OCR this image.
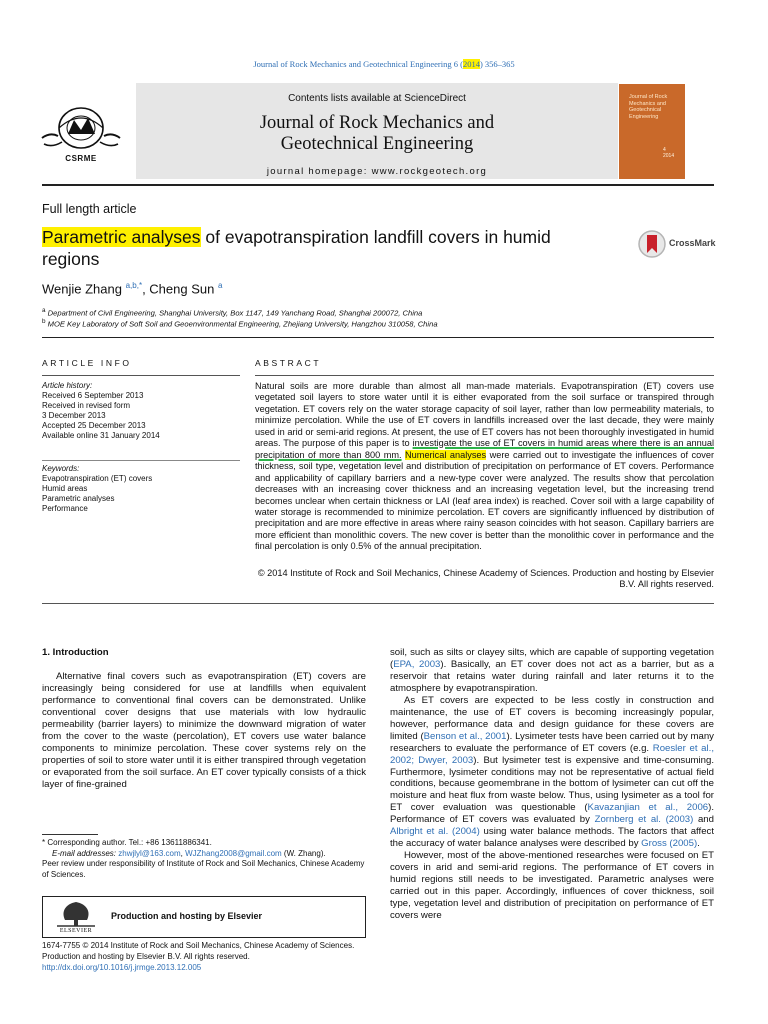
Journal of Rock Mechanics and Geotechnical Engineering 6 (2014) 356–365
CSRME
Contents lists available at ScienceDirect
Journal of Rock Mechanics and
Geotechnical Engineering
journal homepage: www.rockgeotech.org
Journal of Rock Mechanics and Geotechnical Engineering
4
2014
Full length article
Parametric analyses of evapotranspiration landfill covers in humid regions
CrossMark
Wenjie Zhang $^{a,b,*}$, Cheng Sun $^a$
$^a$ Department of Civil Engineering, Shanghai University, Box 1147, 149 Yanchang Road, Shanghai 200072, China
$^b$ MOE Key Laboratory of Soft Soil and Geoenvironmental Engineering, Zhejiang University, Hangzhou 310058, China
ARTICLE INFO
Article history:
Received 6 September 2013
Received in revised form
3 December 2013
Accepted 25 December 2013
Available online 31 January 2014
Keywords:
Evapotranspiration (ET) covers
Humid areas
Parametric analyses
Performance
ABSTRACT
Natural soils are more durable than almost all man-made materials. Evapotranspiration (ET) covers use vegetated soil layers to store water until it is either evaporated from the soil surface or transpired through vegetation. ET covers rely on the water storage capacity of soil layer, rather than low permeability materials, to minimize percolation. While the use of ET covers in landfills increased over the last decade, they were mainly used in arid or semi-arid regions. At present, the use of ET covers has not been thoroughly investigated in humid areas. The purpose of this paper is to investigate the use of ET covers in humid areas where there is an annual precipitation of more than 800 mm. Numerical analyses were carried out to investigate the influences of cover thickness, soil type, vegetation level and distribution of precipitation on performance of ET covers. Performance and applicability of capillary barriers and a new-type cover were analyzed. The results show that percolation decreases with an increasing cover thickness and an increasing vegetation level, but the increasing trend becomes unclear when certain thickness or LAI (leaf area index) is reached. Cover soil with a large capability of water storage is recommended to minimize percolation. ET covers are significantly influenced by distribution of precipitation and are more effective in areas where rainy season coincides with hot season. Capillary barriers are more efficient than monolithic covers. The new cover is better than the monolithic cover in performance and the final percolation is only 0.5% of the annual precipitation.
© 2014 Institute of Rock and Soil Mechanics, Chinese Academy of Sciences. Production and hosting by Elsevier B.V. All rights reserved.
1. Introduction
Alternative final covers such as evapotranspiration (ET) covers are increasingly being considered for use at landfills when equivalent performance to conventional final covers can be demonstrated. Unlike conventional cover designs that use materials with low hydraulic permeability (barrier layers) to minimize the downward migration of water from the cover to the waste (percolation), ET covers use water balance components to minimize percolation. These cover systems rely on the properties of soil to store water until it is either transpired through vegetation or evaporated from the soil surface. An ET cover typically consists of a thick layer of fine-grained
* Corresponding author. Tel.: +86 13611886341.
E-mail addresses: zhwjlyl@163.com, WJZhang2008@gmail.com (W. Zhang).
Peer review under responsibility of Institute of Rock and Soil Mechanics, Chinese Academy of Sciences.
ELSEVIER
Production and hosting by Elsevier
1674-7755 © 2014 Institute of Rock and Soil Mechanics, Chinese Academy of Sciences. Production and hosting by Elsevier B.V. All rights reserved.
http://dx.doi.org/10.1016/j.jrmge.2013.12.005
soil, such as silts or clayey silts, which are capable of supporting vegetation (EPA, 2003). Basically, an ET cover does not act as a barrier, but as a reservoir that retains water during rainfall and later returns it to the atmosphere by evapotranspiration.
As ET covers are expected to be less costly in construction and maintenance, the use of ET covers is becoming increasingly popular, however, performance data and design guidance for these covers are limited (Benson et al., 2001). Lysimeter tests have been carried out by many researchers to evaluate the performance of ET covers (e.g. Roesler et al., 2002; Dwyer, 2003). But lysimeter test is expensive and time-consuming. Furthermore, lysimeter conditions may not be representative of actual field conditions, because geomembrane in the bottom of lysimeter can cut off the moisture and heat flux from waste below. Thus, using lysimeter as a tool for ET cover evaluation was questionable (Kavazanjian et al., 2006). Performance of ET covers was evaluated by Zornberg et al. (2003) and Albright et al. (2004) using water balance methods. The factors that affect the accuracy of water balance analyses were described by Gross (2005).
However, most of the above-mentioned researches were focused on ET covers in arid and semi-arid regions. The performance of ET covers in humid regions still needs to be investigated. Parametric analyses were carried out in this paper. Accordingly, influences of cover thickness, soil type, vegetation level and distribution of precipitation on performance of ET covers were
